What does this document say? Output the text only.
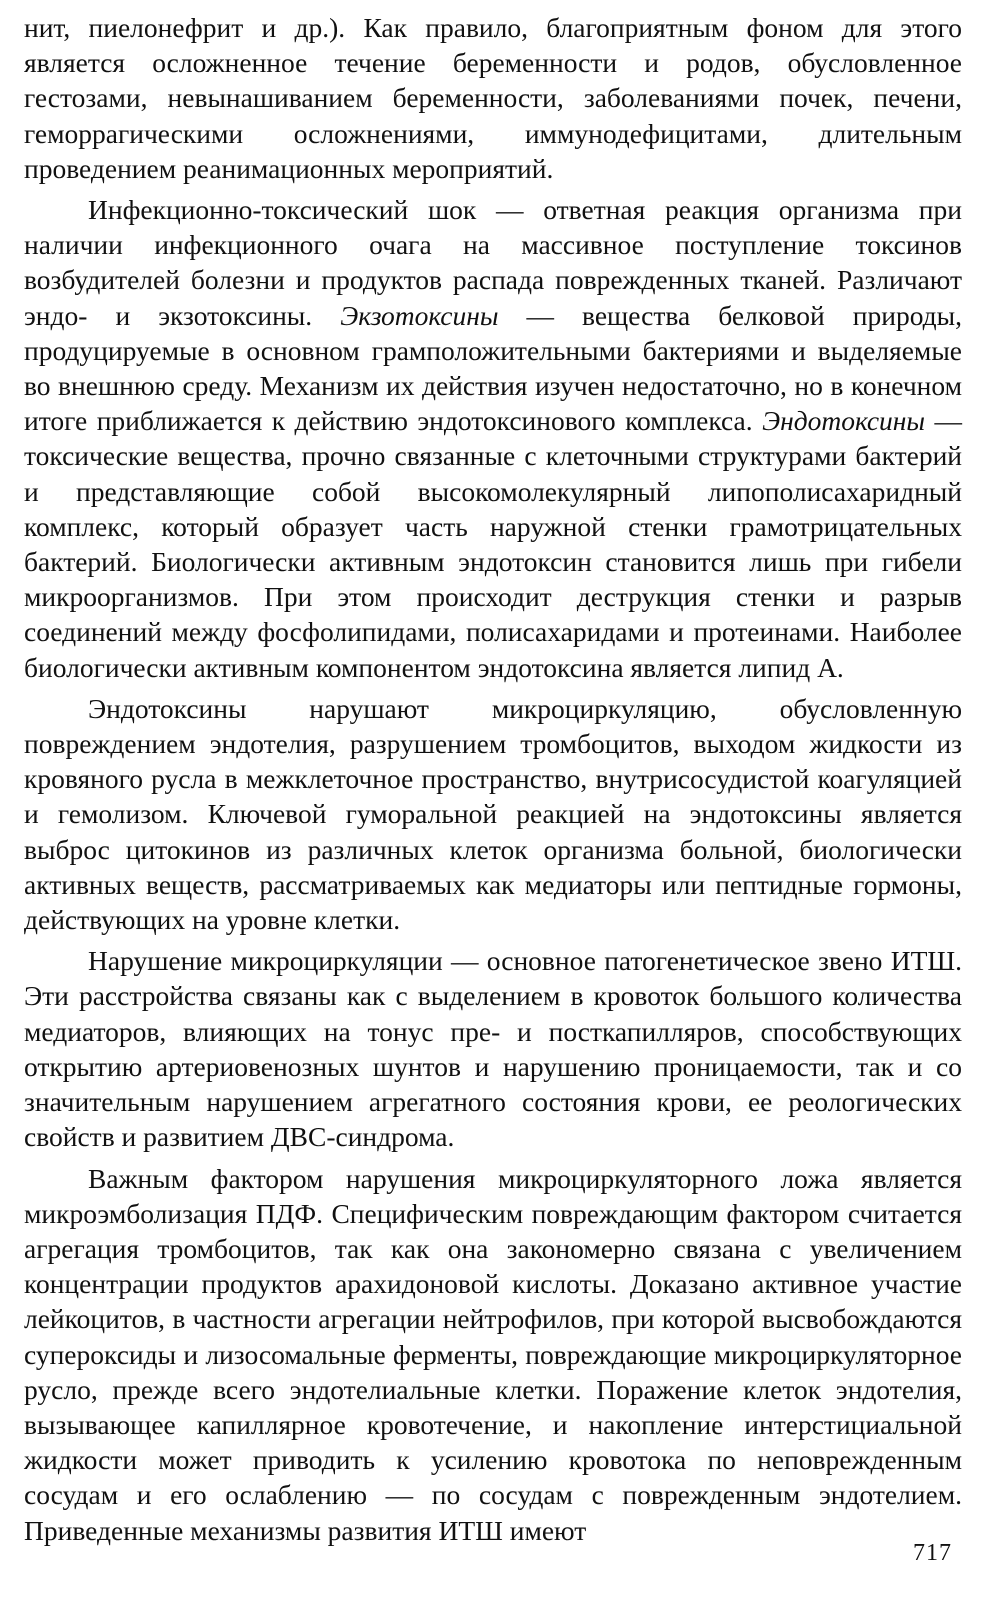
нит, пиелонефрит и др.). Как правило, благоприятным фоном для этого является осложненное течение беременности и родов, обусловленное гестозами, невынашиванием беременности, заболеваниями почек, печени, геморрагическими осложнениями, иммунодефицитами, длительным проведением реанимационных мероприятий.

Инфекционно-токсический шок — ответная реакция организма при наличии инфекционного очага на массивное поступление токсинов возбудителей болезни и продуктов распада поврежденных тканей. Различают эндо- и экзотоксины. Экзотоксины — вещества белковой природы, продуцируемые в основном грамположительными бактериями и выделяемые во внешнюю среду. Механизм их действия изучен недостаточно, но в конечном итоге приближается к действию эндотоксинового комплекса. Эндотоксины — токсические вещества, прочно связанные с клеточными структурами бактерий и представляющие собой высокомолекулярный липополисахаридный комплекс, который образует часть наружной стенки грамотрицательных бактерий. Биологически активным эндотоксин становится лишь при гибели микроорганизмов. При этом происходит деструкция стенки и разрыв соединений между фосфолипидами, полисахаридами и протеинами. Наиболее биологически активным компонентом эндотоксина является липид А.

Эндотоксины нарушают микроциркуляцию, обусловленную повреждением эндотелия, разрушением тромбоцитов, выходом жидкости из кровяного русла в межклеточное пространство, внутрисосудистой коагуляцией и гемолизом. Ключевой гуморальной реакцией на эндотоксины является выброс цитокинов из различных клеток организма больной, биологически активных веществ, рассматриваемых как медиаторы или пептидные гормоны, действующих на уровне клетки.

Нарушение микроциркуляции — основное патогенетическое звено ИТШ. Эти расстройства связаны как с выделением в кровоток большого количества медиаторов, влияющих на тонус пре- и посткапилляров, способствующих открытию артериовенозных шунтов и нарушению проницаемости, так и со значительным нарушением агрегатного состояния крови, ее реологических свойств и развитием ДВС-синдрома.

Важным фактором нарушения микроциркуляторного ложа является микроэмболизация ПДФ. Специфическим повреждающим фактором считается агрегация тромбоцитов, так как она закономерно связана с увеличением концентрации продуктов арахидоновой кислоты. Доказано активное участие лейкоцитов, в частности агрегации нейтрофилов, при которой высвобождаются супероксиды и лизосомальные ферменты, повреждающие микроциркуляторное русло, прежде всего эндотелиальные клетки. Поражение клеток эндотелия, вызывающее капиллярное кровотечение, и накопление интерстициальной жидкости может приводить к усилению кровотока по неповрежденным сосудам и его ослаблению — по сосудам с поврежденным эндотелием. Приведенные механизмы развития ИТШ имеют

717
